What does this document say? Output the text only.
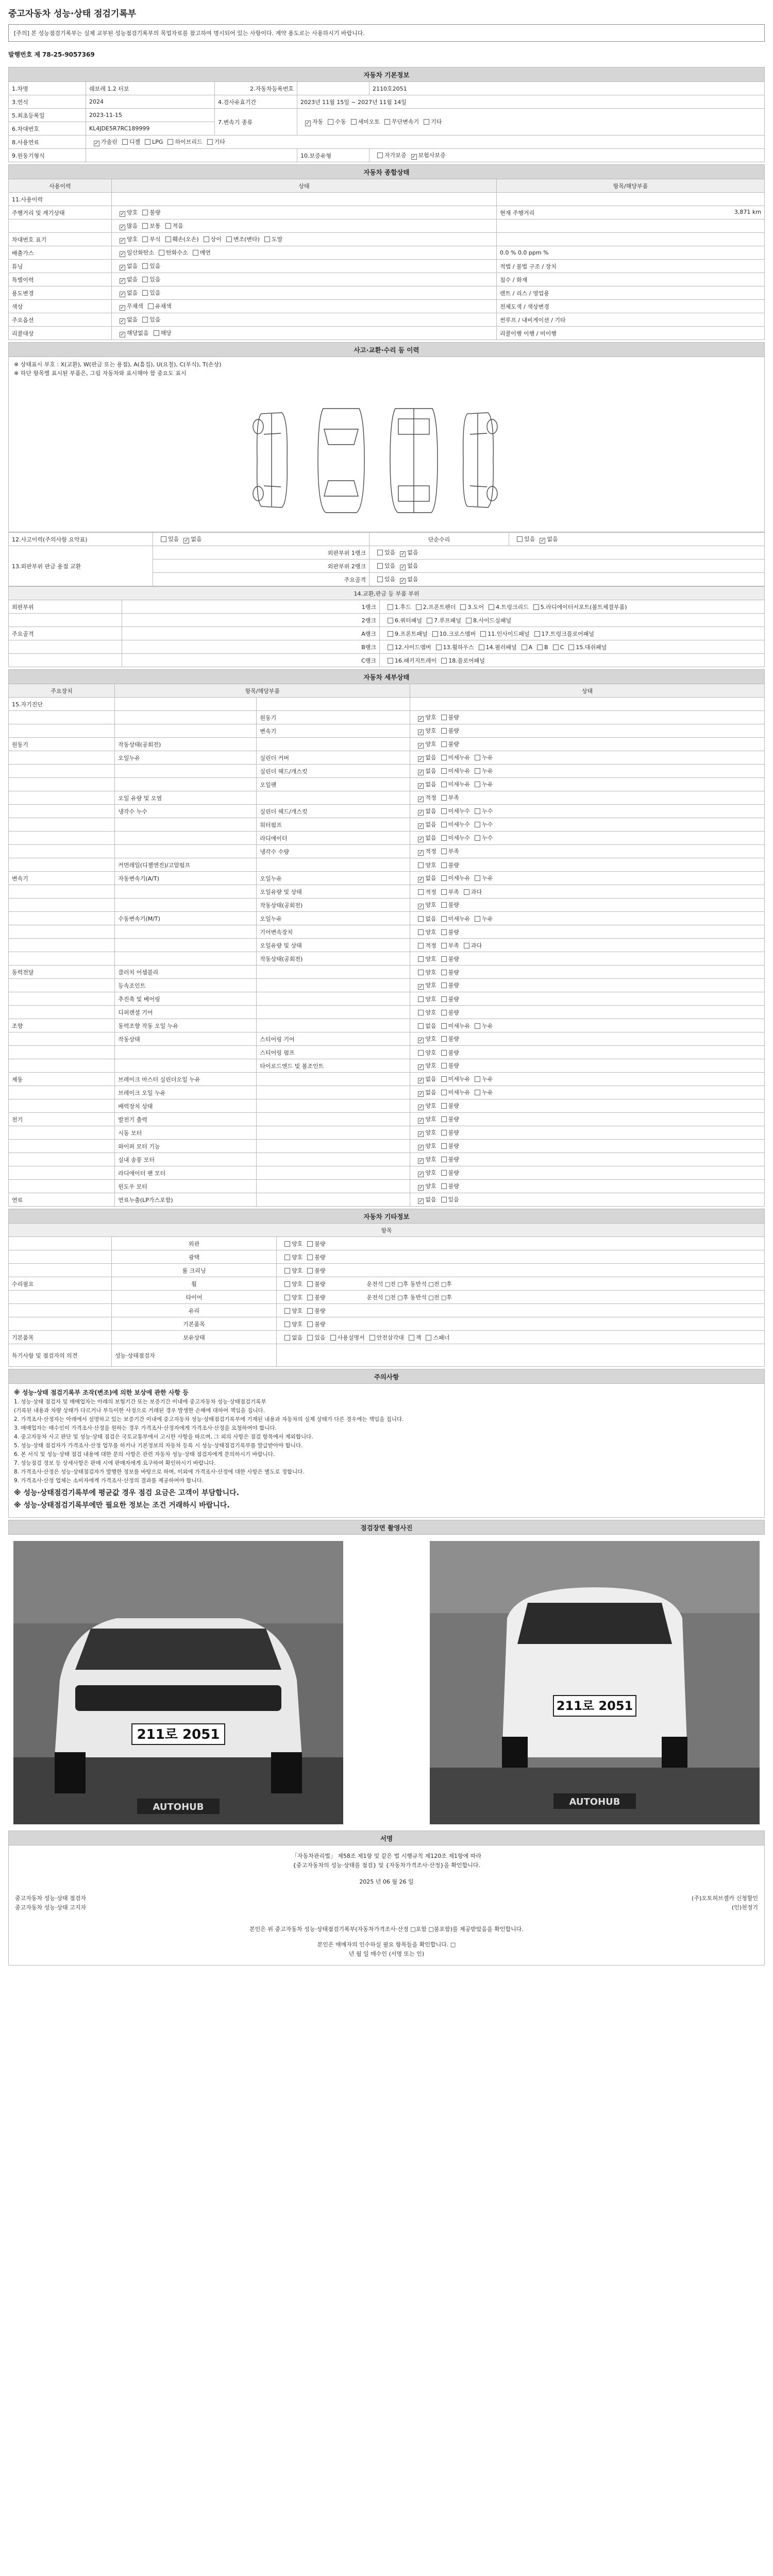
중고자동차 성능·상태 점검기록부
[주의] 본 성능점검기록부는 실제 교부된 성능점검기록부의 목업자료를 참고하여 명시되어 있는 사항이다. 계약 용도로는 사용하시기 바랍니다.
발행번호 제 78-25-9057369
자동차 기본정보				
1.차명	쉐보레 1.2 터보	2.자동차등록번호		2110호2051
3.연식	2024	4.검사유효기간	2023년 11월 15일 ~ 2027년 11월 14일	
5.최초등록일	2023-11-15	7.변속기 종류	✓자동 수동 세미오토 무단변속기 기타
6.차대번호	KL4JDE5R7RC189999			
8.사용연료	✓가솔린 디젤 LPG 하이브리드 기타
9.원동기형식			10.보증유형	자가보증 ✓ 보험사보증
자동차 종합상태		
사용이력	상태	항목/해당부품
11.사용이력		
주행거리 및 계기상태	✓양호 불량	현재 주행거리 3,871 km

	✓많음 보통 적음	
차대번호 표기	✓양호 부식 훼손(오손) 상이 변조(변타) 도말	
배출가스	✓일산화탄소 탄화수소 매연	0.0 % 0.0 ppm %
튜닝	✓없음 있음	적법 / 불법 구조 / 장치
특별이력	✓없음 있음	침수 / 화재
용도변경	✓없음 있음	렌트 / 리스 / 영업용
색상	✓무채색 유채색	전체도색 / 색상변경
주요옵션	✓없음 있음	썬루프 / 내비게이션 / 기타
리콜대상	✓해당없음 해당	리콜이행 이행 / 미이행
사고·교환·수리 등 이력
※ 상태표시 부호 : X(교환), W(판금 또는 용접), A(흠집), U(요철), C(부식), T(손상)
※ 하단 항목별 표시된 부품은, 그림 자동차와 표시해야 함 중요도 표시
12.사고이력(주의사항 요약표)	있음 ✓ 없음	단순수리	있음 ✓ 없음
13.외판부위 판금 용접 교환	외판부위 1랭크	있음 ✓ 없음
	외판부위 2랭크	있음 ✓ 없음
	주요골격	있음 ✓ 없음
14.교환,판금 등 부품 부위		
외판부위	1랭크	1.후드 2.프론트펜더 3.도어 4.트렁크리드 5.라디에이터서포트(볼트체결부품)
	2랭크	6.쿼터패널 7.루프패널 8.사이드실패널
주요골격	A랭크	9.프론트패널 10.크로스멤버 11.인사이드패널 17.트렁크플로어패널
	B랭크	12.사이드멤버 13.휠하우스 14.필러패널 A B C 15.대쉬패널
	C랭크	16.패키지트레이 18.플로어패널
자동차 세부상태			
주요장치	항목/해당부품		상태
15.자기진단			
		원동기	✓양호 불량
		변속기	✓양호 불량
원동기	작동상태(공회전)		✓양호 불량
	오일누유	실린더 커버	✓없음 미세누유 누유
		실린더 헤드/개스킷	✓없음 미세누유 누유
		오일팬	✓없음 미세누유 누유
	오일 유량 및 오염		✓적정 부족
	냉각수 누수	실린더 헤드/개스킷	✓없음 미세누수 누수
		워터펌프	✓없음 미세누수 누수
		라디에이터	✓없음 미세누수 누수
		냉각수 수량	✓적정 부족
	커먼레일(디젤엔진)/고압펌프		양호 불량
변속기	자동변속기(A/T)	오일누유	✓없음 미세누유 누유
		오일유량 및 상태	적정 부족 과다
		작동상태(공회전)	✓양호 불량
	수동변속기(M/T)	오일누유	없음 미세누유 누유
		기어변속장치	양호 불량
		오일유량 및 상태	적정 부족 과다
		작동상태(공회전)	양호 불량
동력전달	클러치 어셈블리		양호 불량
	등속조인트		✓양호 불량
	추진축 및 베어링		양호 불량
	디퍼렌셜 기어		양호 불량
조향	동력조향 작동 오일 누유		없음 미세누유 누유
	작동상태	스티어링 기어	✓양호 불량
		스티어링 펌프	양호 불량
		타이로드엔드 및 볼조인트	✓양호 불량
제동	브레이크 마스터 실린더오일 누유		✓없음 미세누유 누유
	브레이크 오일 누유		✓없음 미세누유 누유
	배력장치 상태		✓양호 불량
전기	발전기 출력		✓양호 불량
	시동 모터		✓양호 불량
	와이퍼 모터 기능		✓양호 불량
	실내 송풍 모터		✓양호 불량
	라디에이터 팬 모터		✓양호 불량
	윈도우 모터		✓양호 불량
연료	연료누출(LP가스포함)		✓없음 있음
자동차 기타정보		
항목		
	외관	양호 불량
	광택	양호 불량
	룸 크리닝	양호 불량
수리필요	휠	양호 불량 운전석 □전 □후 동반석 □전 □후
	타이어	양호 불량 운전석 □전 □후 동반석 □전 □후
	유리	양호 불량
	기본품목	양호 불량
기본품목	보유상태	없음 있음 사용설명서 안전삼각대 잭 스패너
특기사항 및 점검자의 의견	성능·상태점검자	
주의사항

※ 성능·상태 점검기록부 조작(변조)에 의한 보상에 관한 사항 등

1. 성능·상태 점검자 및 매매업자는 아래의 보험기간 또는 보증기간 이내에 중고자동차 성능·상태점검기록부

(기록된 내용과 차량 상태가 다르거나 부득이한 사정으로 거래된 경우 발생한 손해에 대하여 책임을 집니다.

2. 가격조사·산정자는 아래에서 설명하고 있는 보증기간 이내에 중고자동차 성능·상태점검기록부에 기재된 내용과 자동차의 실제 상태가 다른 경우에는 책임을 집니다.

3. 매매업자는 매수인이 가격조사·산정을 원하는 경우 가격조사·산정자에게 가격조사·산정을 요청하여야 합니다.

4. 중고자동차 사고 판단 및 성능·상태 점검은 국토교통부에서 고시한 사항을 따르며, 그 외의 사항은 점검 항목에서 제외합니다.

5. 성능·상태 점검자가 가격조사·산정 업무를 하거나 기본정보의 자동차 등록 시 성능·상태점검기록부를 발급받아야 합니다.

6. 본 서식 및 성능·상태 점검 내용에 대한 문의 사항은 관련 자동차 성능·상태 점검자에게 문의하시기 바랍니다.

7. 성능점검 정보 등 상세사항은 판매 시에 판매자에게 요구하여 확인하시기 바랍니다.

8. 가격조사·산정은 성능·상태점검자가 발행한 정보를 바탕으로 하며, 이외에 가격조사·산정에 대한 사항은 별도로 정합니다.

9. 가격조사·산정 업체는 소비자에게 가격조사·산정의 결과를 제공하여야 합니다.

※ 성능·상태점검기록부에 평균값 경우 점검 요금은 고객이 부담합니다.
※ 성능·상태점검기록부에만 필요한 정보는 조건 거래하시 바랍니다.
점검장면 촬영사진
211로 2051
AUTOHUB
211로 2051
AUTOHUB
서명

「자동차관리법」 제58조 제1항 및 같은 법 시행규칙 제120조 제1항에 따라
{중고자동차의 성능·상태를 점검} 및 {자동차가격조사·산정}을 확인합니다.
2025 년 06 월 26 일
중고자동차 성능·상태 점검자	(주)오토허브셀카 신청할인
중고자동차 성능·상태 고지자	(인)천정기
본인은 위 중고자동차 성능·상태점검기록부(자동차가격조사·산정 □포함 □불포함)를 제공받았음을 확인합니다.
본인은 매매자의 인수하실 필요 항목들을 확인합니다. □
년 월 일 매수인 (서명 또는 인)
